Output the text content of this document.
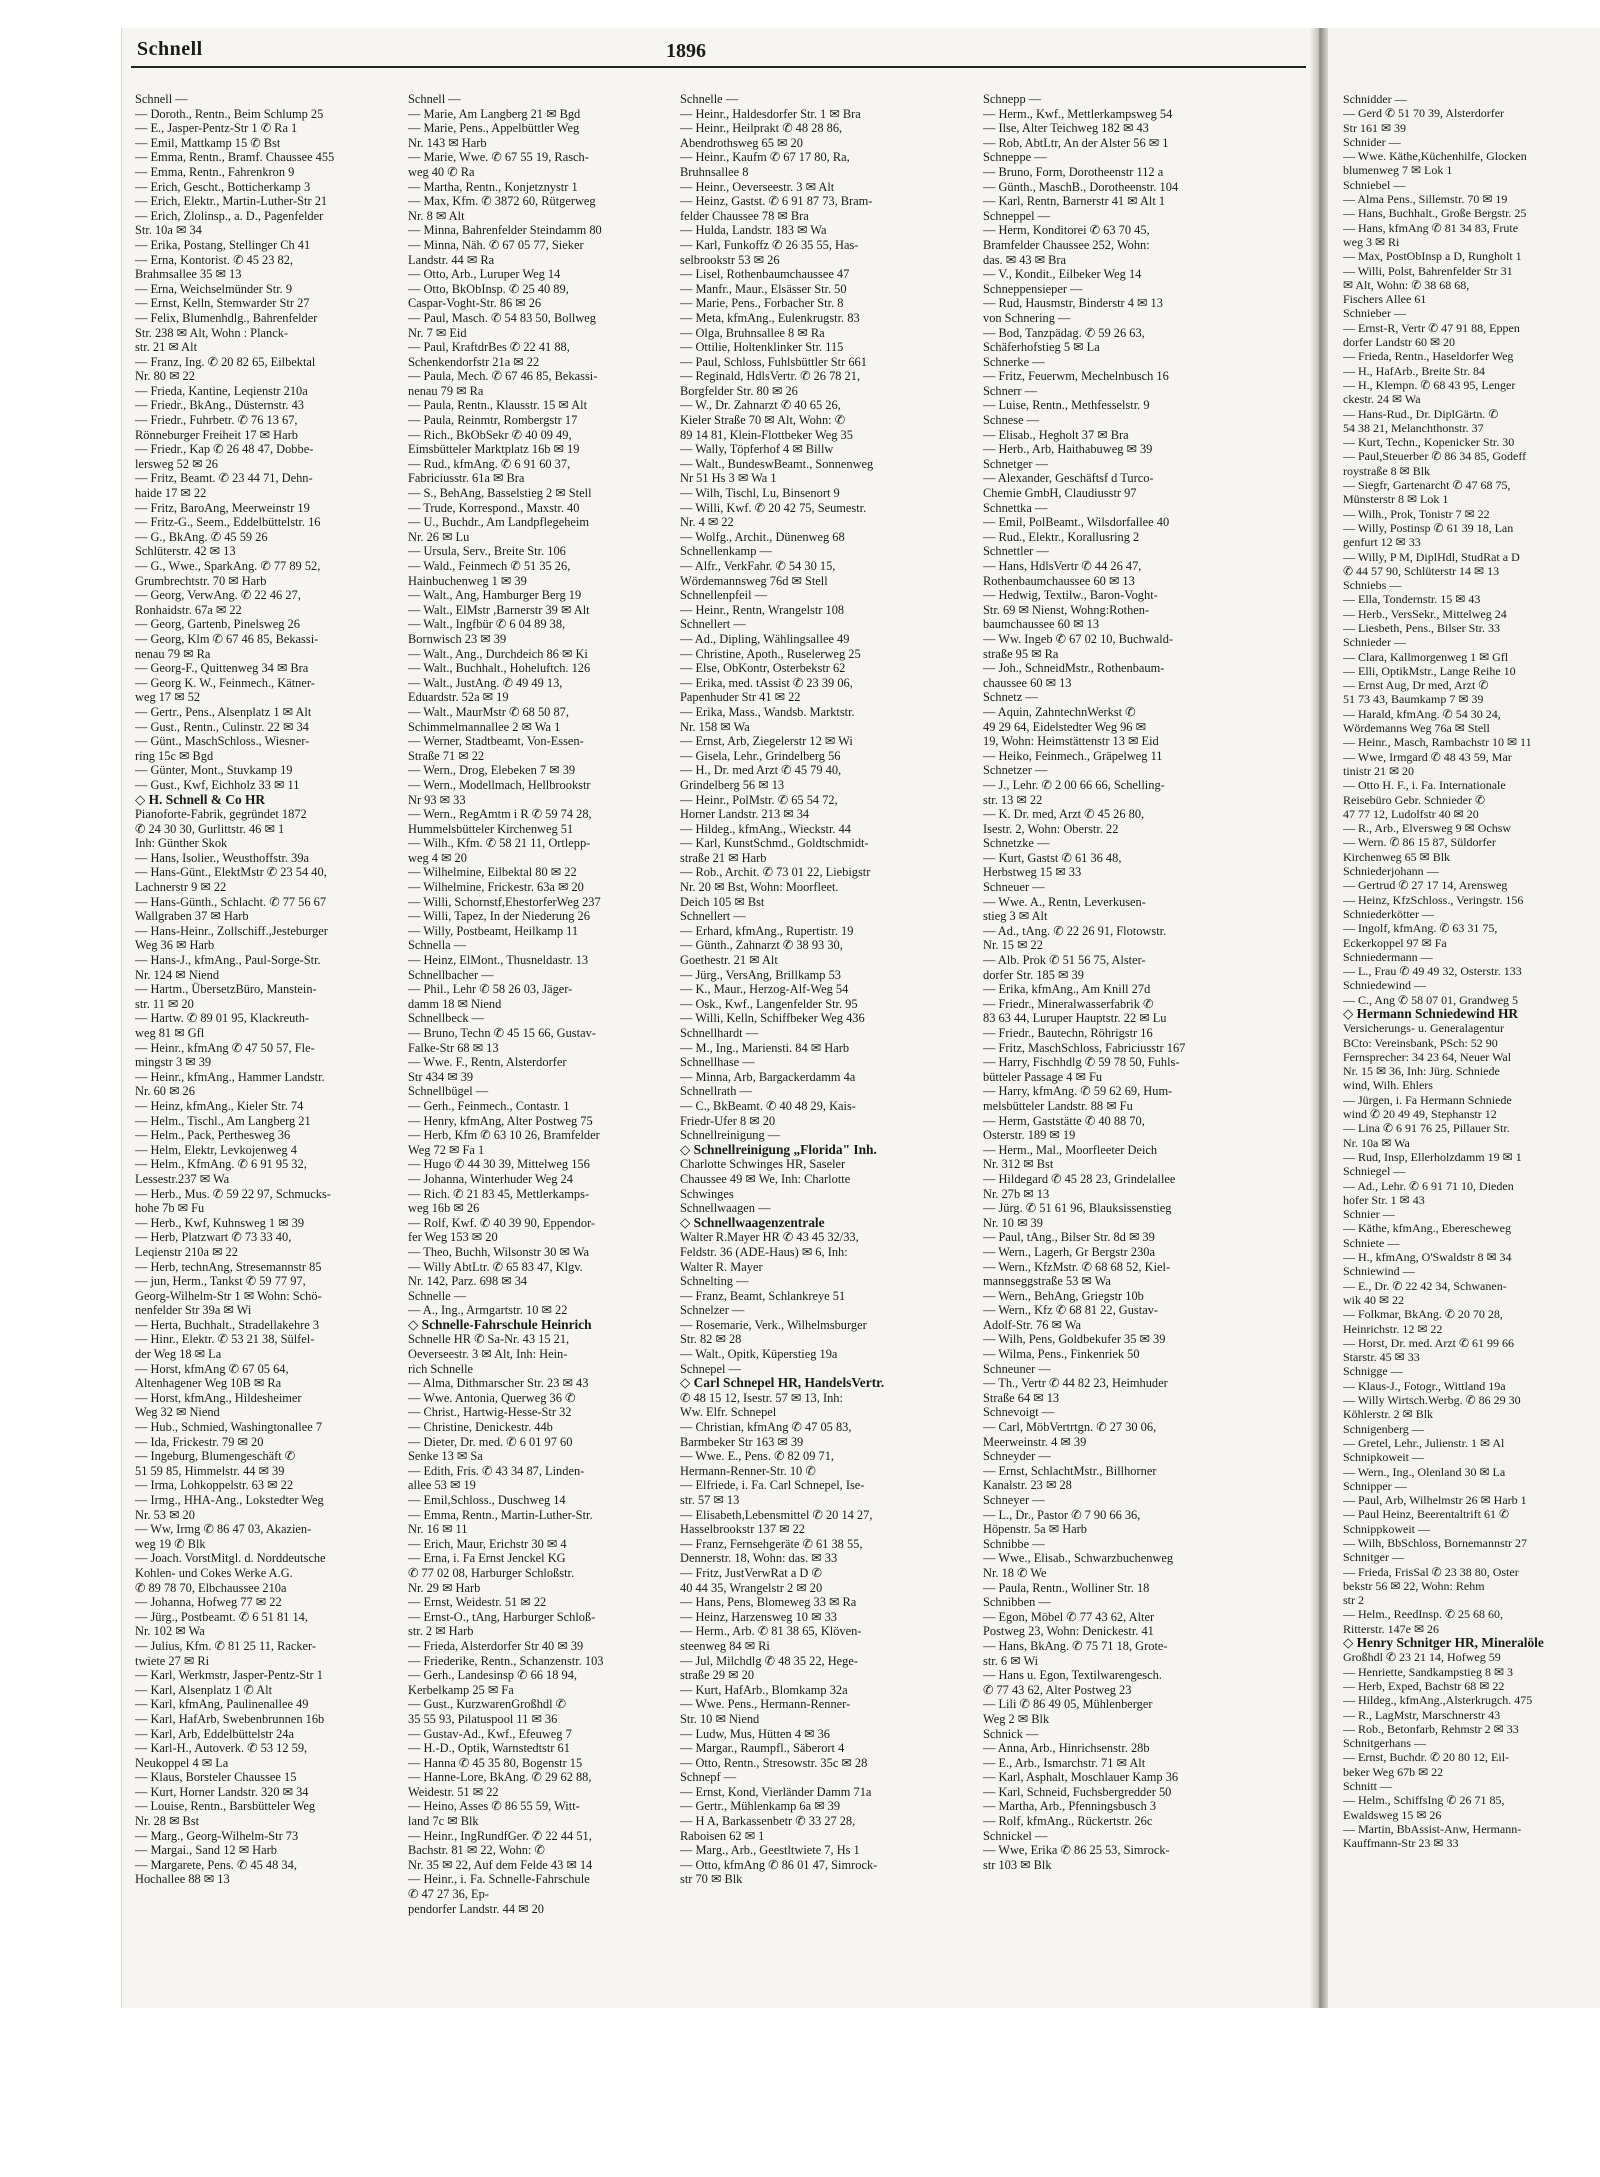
Schnell	1896

Schnell —

— Doroth., Rentn., Beim Schlump 25

— E., Jasper-Pentz-Str 1 ✆ Ra 1

— Emil, Mattkamp 15 ✆ Bst

— Emma, Rentn., Bramf. Chaussee 455

— Emma, Rentn., Fahrenkron 9

— Erich, Gescht., Botticherkamp 3

— Erich, Elektr., Martin-Luther-Str 21

— Erich, Zlolinsp., a. D., Pagenfelder

Str. 10a ✉ 34

— Erika, Postang, Stellinger Ch 41

— Erna, Kontorist. ✆ 45 23 82,

Brahmsallee 35 ✉ 13

— Erna, Weichselmünder Str. 9

— Ernst, Kelln, Stemwarder Str 27

— Felix, Blumenhdlg., Bahrenfelder

Str. 238 ✉ Alt, Wohn : Planck-

str. 21 ✉ Alt

— Franz, Ing. ✆ 20 82 65, Eilbektal

Nr. 80 ✉ 22

— Frieda, Kantine, Leqienstr 210a

— Friedr., BkAng., Düsternstr. 43

— Friedr., Fuhrbetr. ✆ 76 13 67,

Rönneburger Freiheit 17 ✉ Harb

— Friedr., Kap ✆ 26 48 47, Dobbe-

lersweg 52 ✉ 26

— Fritz, Beamt. ✆ 23 44 71, Dehn-

haide 17 ✉ 22

— Fritz, BaroAng, Meerweinstr 19

— Fritz-G., Seem., Eddelbüttelstr. 16

— G., BkAng. ✆ 45 59 26

Schlüterstr. 42 ✉ 13

— G., Wwe., SparkAng. ✆ 77 89 52,

Grumbrechtstr. 70 ✉ Harb

— Georg, VerwAng. ✆ 22 46 27,

Ronhaidstr. 67a ✉ 22

— Georg, Gartenb, Pinelsweg 26

— Georg, Klm ✆ 67 46 85, Bekassi-

nenau 79 ✉ Ra

— Georg-F., Quittenweg 34 ✉ Bra

— Georg K. W., Feinmech., Kätner-

weg 17 ✉ 52

— Gertr., Pens., Alsenplatz 1 ✉ Alt

— Gust., Rentn., Culinstr. 22 ✉ 34

— Günt., MaschSchloss., Wiesner-

ring 15c ✉ Bgd

— Günter, Mont., Stuvkamp 19

— Gust., Kwf, Eichholz 33 ✉ 11

◇ H. Schnell & Co HR

Pianoforte-Fabrik, gegründet 1872

✆ 24 30 30, Gurlittstr. 46 ✉ 1

Inh: Günther Skok

— Hans, Isolier., Weusthoffstr. 39a

— Hans-Günt., ElektMstr ✆ 23 54 40,

Lachnerstr 9 ✉ 22

— Hans-Günth., Schlacht. ✆ 77 56 67

Wallgraben 37 ✉ Harb

— Hans-Heinr., Zollschiff.,Jesteburger

Weg 36 ✉ Harb

— Hans-J., kfmAng., Paul-Sorge-Str.

Nr. 124 ✉ Niend

— Hartm., ÜbersetzBüro, Manstein-

str. 11 ✉ 20

— Hartw. ✆ 89 01 95, Klackreuth-

weg 81 ✉ Gfl

— Heinr., kfmAng ✆ 47 50 57, Fle-

mingstr 3 ✉ 39

— Heinr., kfmAng., Hammer Landstr.

Nr. 60 ✉ 26

— Heinz, kfmAng., Kieler Str. 74

— Helm., Tischl., Am Langberg 21

— Helm., Pack, Perthesweg 36

— Helm, Elektr, Levkojenweg 4

— Helm., KfmAng. ✆ 6 91 95 32,

Lessestr.237 ✉ Wa

— Herb., Mus. ✆ 59 22 97, Schmucks-

hohe 7b ✉ Fu

— Herb., Kwf, Kuhnsweg 1 ✉ 39

— Herb, Platzwart ✆ 73 33 40,

Leqienstr 210a ✉ 22

— Herb, technAng, Stresemannstr 85

— jun, Herm., Tankst ✆ 59 77 97,

Georg-Wilhelm-Str 1 ✉ Wohn: Schö-

nenfelder Str 39a ✉ Wi

— Herta, Buchhalt., Stradellakehre 3

— Hinr., Elektr. ✆ 53 21 38, Sülfel-

der Weg 18 ✉ La

— Horst, kfmAng ✆ 67 05 64,

Altenhagener Weg 10B ✉ Ra

— Horst, kfmAng., Hildesheimer

Weg 32 ✉ Niend

— Hub., Schmied, Washingtonallee 7

— Ida, Frickestr. 79 ✉ 20

— Ingeburg, Blumengeschäft ✆

51 59 85, Himmelstr. 44 ✉ 39

— Irma, Lohkoppelstr. 63 ✉ 22

— Irmg., HHA-Ang., Lokstedter Weg

Nr. 53 ✉ 20

— Ww, Irmg ✆ 86 47 03, Akazien-

weg 19 ✆ Blk

— Joach. VorstMitgl. d. Norddeutsche

Kohlen- und Cokes Werke A.G.

✆ 89 78 70, Elbchaussee 210a

— Johanna, Hofweg 77 ✉ 22

— Jürg., Postbeamt. ✆ 6 51 81 14,

Nr. 102 ✉ Wa

— Julius, Kfm. ✆ 81 25 11, Racker-

twiete 27 ✉ Ri

— Karl, Werkmstr, Jasper-Pentz-Str 1

— Karl, Alsenplatz 1 ✆ Alt

— Karl, kfmAng, Paulinenallee 49

— Karl, HafArb, Swebenbrunnen 16b

— Karl, Arb, Eddelbüttelstr 24a

— Karl-H., Autoverk. ✆ 53 12 59,

Neukoppel 4 ✉ La

— Klaus, Borsteler Chaussee 15

— Kurt, Horner Landstr. 320 ✉ 34

— Louise, Rentn., Barsbütteler Weg

Nr. 28 ✉ Bst

— Marg., Georg-Wilhelm-Str 73

— Margai., Sand 12 ✉ Harb

— Margarete, Pens. ✆ 45 48 34,

Hochallee 88 ✉ 13

Schnell —

— Marie, Am Langberg 21 ✉ Bgd

— Marie, Pens., Appelbüttler Weg

Nr. 143 ✉ Harb

— Marie, Wwe. ✆ 67 55 19, Rasch-

weg 40 ✆ Ra

— Martha, Rentn., Konjetznystr 1

— Max, Kfm. ✆ 3872 60, Rütgerweg

Nr. 8 ✉ Alt

— Minna, Bahrenfelder Steindamm 80

— Minna, Näh. ✆ 67 05 77, Sieker

Landstr. 44 ✉ Ra

— Otto, Arb., Luruper Weg 14

— Otto, BkObInsp. ✆ 25 40 89,

Caspar-Voght-Str. 86 ✉ 26

— Paul, Masch. ✆ 54 83 50, Bollweg

Nr. 7 ✉ Eid

— Paul, KraftdrBes ✆ 22 41 88,

Schenkendorfstr 21a ✉ 22

— Paula, Mech. ✆ 67 46 85, Bekassi-

nenau 79 ✉ Ra

— Paula, Rentn., Klausstr. 15 ✉ Alt

— Paula, Reinmtr, Rombergstr 17

— Rich., BkObSekr ✆ 40 09 49,

Eimsbütteler Marktplatz 16b ✉ 19

— Rud., kfmAng. ✆ 6 91 60 37,

Fabriciusstr. 61a ✉ Bra

— S., BehAng, Basselstieg 2 ✉ Stell

— Trude, Korrespond., Maxstr. 40

— U., Buchdr., Am Landpflegeheim

Nr. 26 ✉ Lu

— Ursula, Serv., Breite Str. 106

— Wald., Feinmech ✆ 51 35 26,

Hainbuchenweg 1 ✉ 39

— Walt., Ang, Hamburger Berg 19

— Walt., ElMstr ,Barnerstr 39 ✉ Alt

— Walt., Ingfbür ✆ 6 04 89 38,

Bornwisch 23 ✉ 39

— Walt., Ang., Durchdeich 86 ✉ Ki

— Walt., Buchhalt., Hoheluftch. 126

— Walt., JustAng. ✆ 49 49 13,

Eduardstr. 52a ✉ 19

— Walt., MaurMstr ✆ 68 50 87,

Schimmelmannallee 2 ✉ Wa 1

— Werner, Stadtbeamt, Von-Essen-

Straße 71 ✉ 22

— Wern., Drog, Elebeken 7 ✉ 39

— Wern., Modellmach, Hellbrookstr

Nr 93 ✉ 33

— Wern., RegAmtm i R ✆ 59 74 28,

Hummelsbütteler Kirchenweg 51

— Wilh., Kfm. ✆ 58 21 11, Ortlepp-

weg 4 ✉ 20

— Wilhelmine, Eilbektal 80 ✉ 22

— Wilhelmine, Frickestr. 63a ✉ 20

— Willi, Schornstf,EhestorferWeg 237

— Willi, Tapez, In der Niederung 26

— Willy, Postbeamt, Heilkamp 11

Schnella —

— Heinz, ElMont., Thusneldastr. 13

Schnellbacher —

— Phil., Lehr ✆ 58 26 03, Jäger-

damm 18 ✉ Niend

Schnellbeck —

— Bruno, Techn ✆ 45 15 66, Gustav-

Falke-Str 68 ✉ 13

— Wwe. F., Rentn, Alsterdorfer

Str 434 ✉ 39

Schnellbügel —

— Gerh., Feinmech., Contastr. 1

— Henry, kfmAng, Alter Postweg 75

— Herb, Kfm ✆ 63 10 26, Bramfelder

Weg 72 ✉ Fa 1

— Hugo ✆ 44 30 39, Mittelweg 156

— Johanna, Winterhuder Weg 24

— Rich. ✆ 21 83 45, Mettlerkamps-

weg 16b ✉ 26

— Rolf, Kwf. ✆ 40 39 90, Eppendor-

fer Weg 153 ✉ 20

— Theo, Buchh, Wilsonstr 30 ✉ Wa

— Willy AbtLtr. ✆ 65 83 47, Klgv.

Nr. 142, Parz. 698 ✉ 34

Schnelle —

— A., Ing., Armgartstr. 10 ✉ 22

◇ Schnelle-Fahrschule Heinrich

Schnelle HR ✆ Sa-Nr. 43 15 21,

Oeverseestr. 3 ✉ Alt, Inh: Hein-

rich Schnelle

— Alma, Dithmarscher Str. 23 ✉ 43

— Wwe. Antonia, Querweg 36 ✆

— Christ., Hartwig-Hesse-Str 32

— Christine, Denickestr. 44b

— Dieter, Dr. med. ✆ 6 01 97 60

Senke 13 ✉ Sa

— Edith, Fris. ✆ 43 34 87, Linden-

allee 53 ✉ 19

— Emil,Schloss., Duschweg 14

— Emma, Rentn., Martin-Luther-Str.

Nr. 16 ✉ 11

— Erich, Maur, Erichstr 30 ✉ 4

— Erna, i. Fa Ernst Jenckel KG

✆ 77 02 08, Harburger Schloßstr.

Nr. 29 ✉ Harb

— Ernst, Weidestr. 51 ✉ 22

— Ernst-O., tAng, Harburger Schloß-

str. 2 ✉ Harb

— Frieda, Alsterdorfer Str 40 ✉ 39

— Friederike, Rentn., Schanzenstr. 103

— Gerh., Landesinsp ✆ 66 18 94,

Kerbelkamp 25 ✉ Fa

— Gust., KurzwarenGroßhdl ✆

35 55 93, Pilatuspool 11 ✉ 36

— Gustav-Ad., Kwf., Efeuweg 7

— H.-D., Optik, Warnstedtstr 61

— Hanna ✆ 45 35 80, Bogenstr 15

— Hanne-Lore, BkAng. ✆ 29 62 88,

Weidestr. 51 ✉ 22

— Heino, Asses ✆ 86 55 59, Witt-

land 7c ✉ Blk

— Heinr., IngRundfGer. ✆ 22 44 51,

Bachstr. 81 ✉ 22, Wohn: ✆

Nr. 35 ✉ 22, Auf dem Felde 43 ✉ 14

— Heinr., i. Fa. Schnelle-Fahrschule

✆ 47 27 36, Ep-

pendorfer Landstr. 44 ✉ 20

Schnelle —

— Heinr., Haldesdorfer Str. 1 ✉ Bra

— Heinr., Heilprakt ✆ 48 28 86,

Abendrothsweg 65 ✉ 20

— Heinr., Kaufm ✆ 67 17 80, Ra,

Bruhnsallee 8

— Heinr., Oeverseestr. 3 ✉ Alt

— Heinz, Gastst. ✆ 6 91 87 73, Bram-

felder Chaussee 78 ✉ Bra

— Hulda, Landstr. 183 ✉ Wa

— Karl, Funkoffz ✆ 26 35 55, Has-

selbrookstr 53 ✉ 26

— Lisel, Rothenbaumchaussee 47

— Manfr., Maur., Elsässer Str. 50

— Marie, Pens., Forbacher Str. 8

— Meta, kfmAng., Eulenkrugstr. 83

— Olga, Bruhnsallee 8 ✉ Ra

— Ottilie, Holtenklinker Str. 115

— Paul, Schloss, Fuhlsbüttler Str 661

— Reginald, HdlsVertr. ✆ 26 78 21,

Borgfelder Str. 80 ✉ 26

— W., Dr. Zahnarzt ✆ 40 65 26,

Kieler Straße 70 ✉ Alt, Wohn: ✆

89 14 81, Klein-Flottbeker Weg 35

— Wally, Töpferhof 4 ✉ Billw

— Walt., BundeswBeamt., Sonnenweg

Nr 51 Hs 3 ✉ Wa 1

— Wilh, Tischl, Lu, Binsenort 9

— Willi, Kwf. ✆ 20 42 75, Seumestr.

Nr. 4 ✉ 22

— Wolfg., Archit., Dünenweg 68

Schnellenkamp —

— Alfr., VerkFahr. ✆ 54 30 15,

Wördemannsweg 76d ✉ Stell

Schnellenpfeil —

— Heinr., Rentn, Wrangelstr 108

Schnellert —

— Ad., Dipling, Wählingsallee 49

— Christine, Apoth., Ruselerweg 25

— Else, ObKontr, Osterbekstr 62

— Erika, med. tAssist ✆ 23 39 06,

Papenhuder Str 41 ✉ 22

— Erika, Mass., Wandsb. Marktstr.

Nr. 158 ✉ Wa

— Ernst, Arb, Ziegelerstr 12 ✉ Wi

— Gisela, Lehr., Grindelberg 56

— H., Dr. med Arzt ✆ 45 79 40,

Grindelberg 56 ✉ 13

— Heinr., PolMstr. ✆ 65 54 72,

Horner Landstr. 213 ✉ 34

— Hildeg., kfmAng., Wieckstr. 44

— Karl, KunstSchmd., Goldtschmidt-

straße 21 ✉ Harb

— Rob., Archit. ✆ 73 01 22, Liebigstr

Nr. 20 ✉ Bst, Wohn: Moorfleet.

Deich 105 ✉ Bst

Schnellert —

— Erhard, kfmAng., Rupertistr. 19

— Günth., Zahnarzt ✆ 38 93 30,

Goethestr. 21 ✉ Alt

— Jürg., VersAng, Brillkamp 53

— K., Maur., Herzog-Alf-Weg 54

— Osk., Kwf., Langenfelder Str. 95

— Willi, Kelln, Schiffbeker Weg 436

Schnellhardt —

— M., Ing., Mariensti. 84 ✉ Harb

Schnellhase —

— Minna, Arb, Bargackerdamm 4a

Schnellrath —

— C., BkBeamt. ✆ 40 48 29, Kais-

Friedr-Ufer 8 ✉ 20

Schnellreinigung —

◇ Schnellreinigung „Florida" Inh.

Charlotte Schwinges HR, Saseler

Chaussee 49 ✉ We, Inh: Charlotte

Schwinges

Schnellwaagen —

◇ Schnellwaagenzentrale

Walter R.Mayer HR ✆ 43 45 32/33,

Feldstr. 36 (ADE-Haus) ✉ 6, Inh:

Walter R. Mayer

Schnelting —

— Franz, Beamt, Schlankreye 51

Schnelzer —

— Rosemarie, Verk., Wilhelmsburger

Str. 82 ✉ 28

— Walt., Opitk, Küperstieg 19a

Schnepel —

◇ Carl Schnepel HR, HandelsVertr.

✆ 48 15 12, Isestr. 57 ✉ 13, Inh:

Ww. Elfr. Schnepel

— Christian, kfmAng ✆ 47 05 83,

Barmbeker Str 163 ✉ 39

— Wwe. E., Pens. ✆ 82 09 71,

Hermann-Renner-Str. 10 ✆

— Elfriede, i. Fa. Carl Schnepel, Ise-

str. 57 ✉ 13

— Elisabeth,Lebensmittel ✆ 20 14 27,

Hasselbrookstr 137 ✉ 22

— Franz, Fernsehgeräte ✆ 61 38 55,

Dennerstr. 18, Wohn: das. ✉ 33

— Fritz, JustVerwRat a D ✆

40 44 35, Wrangelstr 2 ✉ 20

— Hans, Pens, Blomeweg 33 ✉ Ra

— Heinz, Harzensweg 10 ✉ 33

— Herm., Arb. ✆ 81 38 65, Klöven-

steenweg 84 ✉ Ri

— Jul, Milchdlg ✆ 48 35 22, Hege-

straße 29 ✉ 20

— Kurt, HafArb., Blomkamp 32a

— Wwe. Pens., Hermann-Renner-

Str. 10 ✉ Niend

— Ludw, Mus, Hütten 4 ✉ 36

— Margar., Raumpfl., Säberort 4

— Otto, Rentn., Stresowstr. 35c ✉ 28

Schnepf —

— Ernst, Kond, Vierländer Damm 71a

— Gertr., Mühlenkamp 6a ✉ 39

— H A, Barkassenbetr ✆ 33 27 28,

Raboisen 62 ✉ 1

— Marg., Arb., Geestltwiete 7, Hs 1

— Otto, kfmAng ✆ 86 01 47, Simrock-

str 70 ✉ Blk

Schnepp —

— Herm., Kwf., Mettlerkampsweg 54

— Ilse, Alter Teichweg 182 ✉ 43

— Rob, AbtLtr, An der Alster 56 ✉ 1

Schneppe —

— Bruno, Form, Dorotheenstr 112 a

— Günth., MaschB., Dorotheenstr. 104

— Karl, Rentn, Barnerstr 41 ✉ Alt 1

Schneppel —

— Herm, Konditorei ✆ 63 70 45,

Bramfelder Chaussee 252, Wohn:

das. ✉ 43 ✉ Bra

— V., Kondit., Eilbeker Weg 14

Schneppensieper —

— Rud, Hausmstr, Binderstr 4 ✉ 13

von Schnering —

— Bod, Tanzpädag. ✆ 59 26 63,

Schäferhofstieg 5 ✉ La

Schnerke —

— Fritz, Feuerwm, Mechelnbusch 16

Schnerr —

— Luise, Rentn., Methfesselstr. 9

Schnese —

— Elisab., Hegholt 37 ✉ Bra

— Herb., Arb, Haithabuweg ✉ 39

Schnetger —

— Alexander, Geschäftsf d Turco-

Chemie GmbH, Claudiusstr 97

Schnettka —

— Emil, PolBeamt., Wilsdorfallee 40

— Rud., Elektr., Korallusring 2

Schnettler —

— Hans, HdlsVertr ✆ 44 26 47,

Rothenbaumchaussee 60 ✉ 13

— Hedwig, Textilw., Baron-Voght-

Str. 69 ✉ Nienst, Wohng:Rothen-

baumchaussee 60 ✉ 13

— Ww. Ingeb ✆ 67 02 10, Buchwald-

straße 95 ✉ Ra

— Joh., SchneidMstr., Rothenbaum-

chaussee 60 ✉ 13

Schnetz —

— Aquin, ZahntechnWerkst ✆

49 29 64, Eidelstedter Weg 96 ✉

19, Wohn: Heimstättenstr 13 ✉ Eid

— Heiko, Feinmech., Gräpelweg 11

Schnetzer —

— J., Lehr. ✆ 2 00 66 66, Schelling-

str. 13 ✉ 22

— K. Dr. med, Arzt ✆ 45 26 80,

Isestr. 2, Wohn: Oberstr. 22

Schnetzke —

— Kurt, Gastst ✆ 61 36 48,

Herbstweg 15 ✉ 33

Schneuer —

— Wwe. A., Rentn, Leverkusen-

stieg 3 ✉ Alt

— Ad., tAng. ✆ 22 26 91, Flotowstr.

Nr. 15 ✉ 22

— Alb. Prok ✆ 51 56 75, Alster-

dorfer Str. 185 ✉ 39

— Erika, kfmAng., Am Knill 27d

— Friedr., Mineralwasserfabrik ✆

83 63 44, Luruper Hauptstr. 22 ✉ Lu

— Friedr., Bautechn, Röhrigstr 16

— Fritz, MaschSchloss, Fabriciusstr 167

— Harry, Fischhdlg ✆ 59 78 50, Fuhls-

bütteler Passage 4 ✉ Fu

— Harry, kfmAng. ✆ 59 62 69, Hum-

melsbütteler Landstr. 88 ✉ Fu

— Herm, Gaststätte ✆ 40 88 70,

Osterstr. 189 ✉ 19

— Herm., Mal., Moorfleeter Deich

Nr. 312 ✉ Bst

— Hildegard ✆ 45 28 23, Grindelallee

Nr. 27b ✉ 13

— Jürg. ✆ 51 61 96, Blauksissenstieg

Nr. 10 ✉ 39

— Paul, tAng., Bilser Str. 8d ✉ 39

— Wern., Lagerh, Gr Bergstr 230a

— Wern., KfzMstr. ✆ 68 68 52, Kiel-

mannseggstraße 53 ✉ Wa

— Wern., BehAng, Griegstr 10b

— Wern., Kfz ✆ 68 81 22, Gustav-

Adolf-Str. 76 ✉ Wa

— Wilh, Pens, Goldbekufer 35 ✉ 39

— Wilma, Pens., Finkenriek 50

Schneuner —

— Th., Vertr ✆ 44 82 23, Heimhuder

Straße 64 ✉ 13

Schnevoigt —

— Carl, MöbVertrtgn. ✆ 27 30 06,

Meerweinstr. 4 ✉ 39

Schneyder —

— Ernst, SchlachtMstr., Billhorner

Kanalstr. 23 ✉ 28

Schneyer —

— L., Dr., Pastor ✆ 7 90 66 36,

Höpenstr. 5a ✉ Harb

Schnibbe —

— Wwe., Elisab., Schwarzbuchenweg

Nr. 18 ✆ We

— Paula, Rentn., Wolliner Str. 18

Schnibben —

— Egon, Möbel ✆ 77 43 62, Alter

Postweg 23, Wohn: Denickestr. 41

— Hans, BkAng. ✆ 75 71 18, Grote-

str. 6 ✉ Wi

— Hans u. Egon, Textilwarengesch.

✆ 77 43 62, Alter Postweg 23

— Lili ✆ 86 49 05, Mühlenberger

Weg 2 ✉ Blk

Schnick —

— Anna, Arb., Hinrichsenstr. 28b

— E., Arb., Ismarchstr. 71 ✉ Alt

— Karl, Asphalt, Moschlauer Kamp 36

— Karl, Schneid, Fuchsbergredder 50

— Martha, Arb., Pfenningsbusch 3

— Rolf, kfmAng., Rückertstr. 26c

Schnickel —

— Wwe, Erika ✆ 86 25 53, Simrock-

str 103 ✉ Blk

Schnidder —

— Gerd ✆ 51 70 39, Alsterdorfer

Str 161 ✉ 39

Schnider —

— Wwe. Käthe,Küchenhilfe, Glocken

blumenweg 7 ✉ Lok 1

Schniebel —

— Alma Pens., Sillemstr. 70 ✉ 19

— Hans, Buchhalt., Große Bergstr. 25

— Hans, kfmAng ✆ 81 34 83, Frute

weg 3 ✉ Ri

— Max, PostObInsp a D, Rungholt 1

— Willi, Polst, Bahrenfelder Str 31

✉ Alt, Wohn: ✆ 38 68 68,

Fischers Allee 61

Schnieber —

— Ernst-R, Vertr ✆ 47 91 88, Eppen

dorfer Landstr 60 ✉ 20

— Frieda, Rentn., Haseldorfer Weg

— H., HafArb., Breite Str. 84

— H., Klempn. ✆ 68 43 95, Lenger

ckestr. 24 ✉ Wa

— Hans-Rud., Dr. DiplGärtn. ✆

54 38 21, Melanchthonstr. 37

— Kurt, Techn., Kopenicker Str. 30

— Paul,Steuerber ✆ 86 34 85, Godeff

roystraße 8 ✉ Blk

— Siegfr, Gartenarcht ✆ 47 68 75,

Münsterstr 8 ✉ Lok 1

— Wilh., Prok, Tonistr 7 ✉ 22

— Willy, Postinsp ✆ 61 39 18, Lan

genfurt 12 ✉ 33

— Willy, P M, DiplHdl, StudRat a D

✆ 44 57 90, Schlüterstr 14 ✉ 13

Schniebs —

— Ella, Tondernstr. 15 ✉ 43

— Herb., VersSekr., Mittelweg 24

— Liesbeth, Pens., Bilser Str. 33

Schnieder —

— Clara, Kallmorgenweg 1 ✉ Gfl

— Elli, OptikMstr., Lange Reihe 10

— Ernst Aug, Dr med, Arzt ✆

51 73 43, Baumkamp 7 ✉ 39

— Harald, kfmAng. ✆ 54 30 24,

Wördemanns Weg 76a ✉ Stell

— Heinr., Masch, Rambachstr 10 ✉ 11

— Wwe, Irmgard ✆ 48 43 59, Mar

tinistr 21 ✉ 20

— Otto H. F., i. Fa. Internationale

Reisebüro Gebr. Schnieder ✆

47 77 12, Ludolfstr 40 ✉ 20

— R., Arb., Elversweg 9 ✉ Ochsw

— Wern. ✆ 86 15 87, Süldorfer

Kirchenweg 65 ✉ Blk

Schniederjohann —

— Gertrud ✆ 27 17 14, Arensweg

— Heinz, KfzSchloss., Veringstr. 156

Schniederkötter —

— Ingolf, kfmAng. ✆ 63 31 75,

Eckerkoppel 97 ✉ Fa

Schniedermann —

— L., Frau ✆ 49 49 32, Osterstr. 133

Schniedewind —

— C., Ang ✆ 58 07 01, Grandweg 5

◇ Hermann Schniedewind HR

Versicherungs- u. Generalagentur

BCto: Vereinsbank, PSch: 52 90

Fernsprecher: 34 23 64, Neuer Wal

Nr. 15 ✉ 36, Inh: Jürg. Schniede

wind, Wilh. Ehlers

— Jürgen, i. Fa Hermann Schniede

wind ✆ 20 49 49, Stephanstr 12

— Lina ✆ 6 91 76 25, Pillauer Str.

Nr. 10a ✉ Wa

— Rud, Insp, Ellerholzdamm 19 ✉ 1

Schniegel —

— Ad., Lehr. ✆ 6 91 71 10, Dieden

hofer Str. 1 ✉ 43

Schnier —

— Käthe, kfmAng., Eberescheweg

Schniete —

— H., kfmAng, O'Swaldstr 8 ✉ 34

Schniewind —

— E., Dr. ✆ 22 42 34, Schwanen-

wik 40 ✉ 22

— Folkmar, BkAng. ✆ 20 70 28,

Heinrichstr. 12 ✉ 22

— Horst, Dr. med. Arzt ✆ 61 99 66

Starstr. 45 ✉ 33

Schnigge —

— Klaus-J., Fotogr., Wittland 19a

— Willy Wirtsch.Werbg. ✆ 86 29 30

Köhlerstr. 2 ✉ Blk

Schnigenberg —

— Gretel, Lehr., Julienstr. 1 ✉ Al

Schnipkoweit —

— Wern., Ing., Olenland 30 ✉ La

Schnipper —

— Paul, Arb, Wilhelmstr 26 ✉ Harb 1

— Paul Heinz, Beerentaltrift 61 ✆

Schnippkoweit —

— Wilh, BbSchloss, Bornemannstr 27

Schnitger —

— Frieda, FrisSal ✆ 23 38 80, Oster

bekstr 56 ✉ 22, Wohn: Rehm

str 2

— Helm., ReedInsp. ✆ 25 68 60,

Ritterstr. 147e ✉ 26

◇ Henry Schnitger HR, Mineralöle

Großhdl ✆ 23 21 14, Hofweg 59

— Henriette, Sandkampstieg 8 ✉ 3

— Herb, Exped, Bachstr 68 ✉ 22

— Hildeg., kfmAng.,Alsterkrugch. 475

— R., LagMstr, Marschnerstr 43

— Rob., Betonfarb, Rehmstr 2 ✉ 33

Schnitgerhans —

— Ernst, Buchdr. ✆ 20 80 12, Eil-

beker Weg 67b ✉ 22

Schnitt —

— Helm., SchiffsIng ✆ 26 71 85,

Ewaldsweg 15 ✉ 26

— Martin, BbAssist-Anw, Hermann-

Kauffmann-Str 23 ✉ 33
